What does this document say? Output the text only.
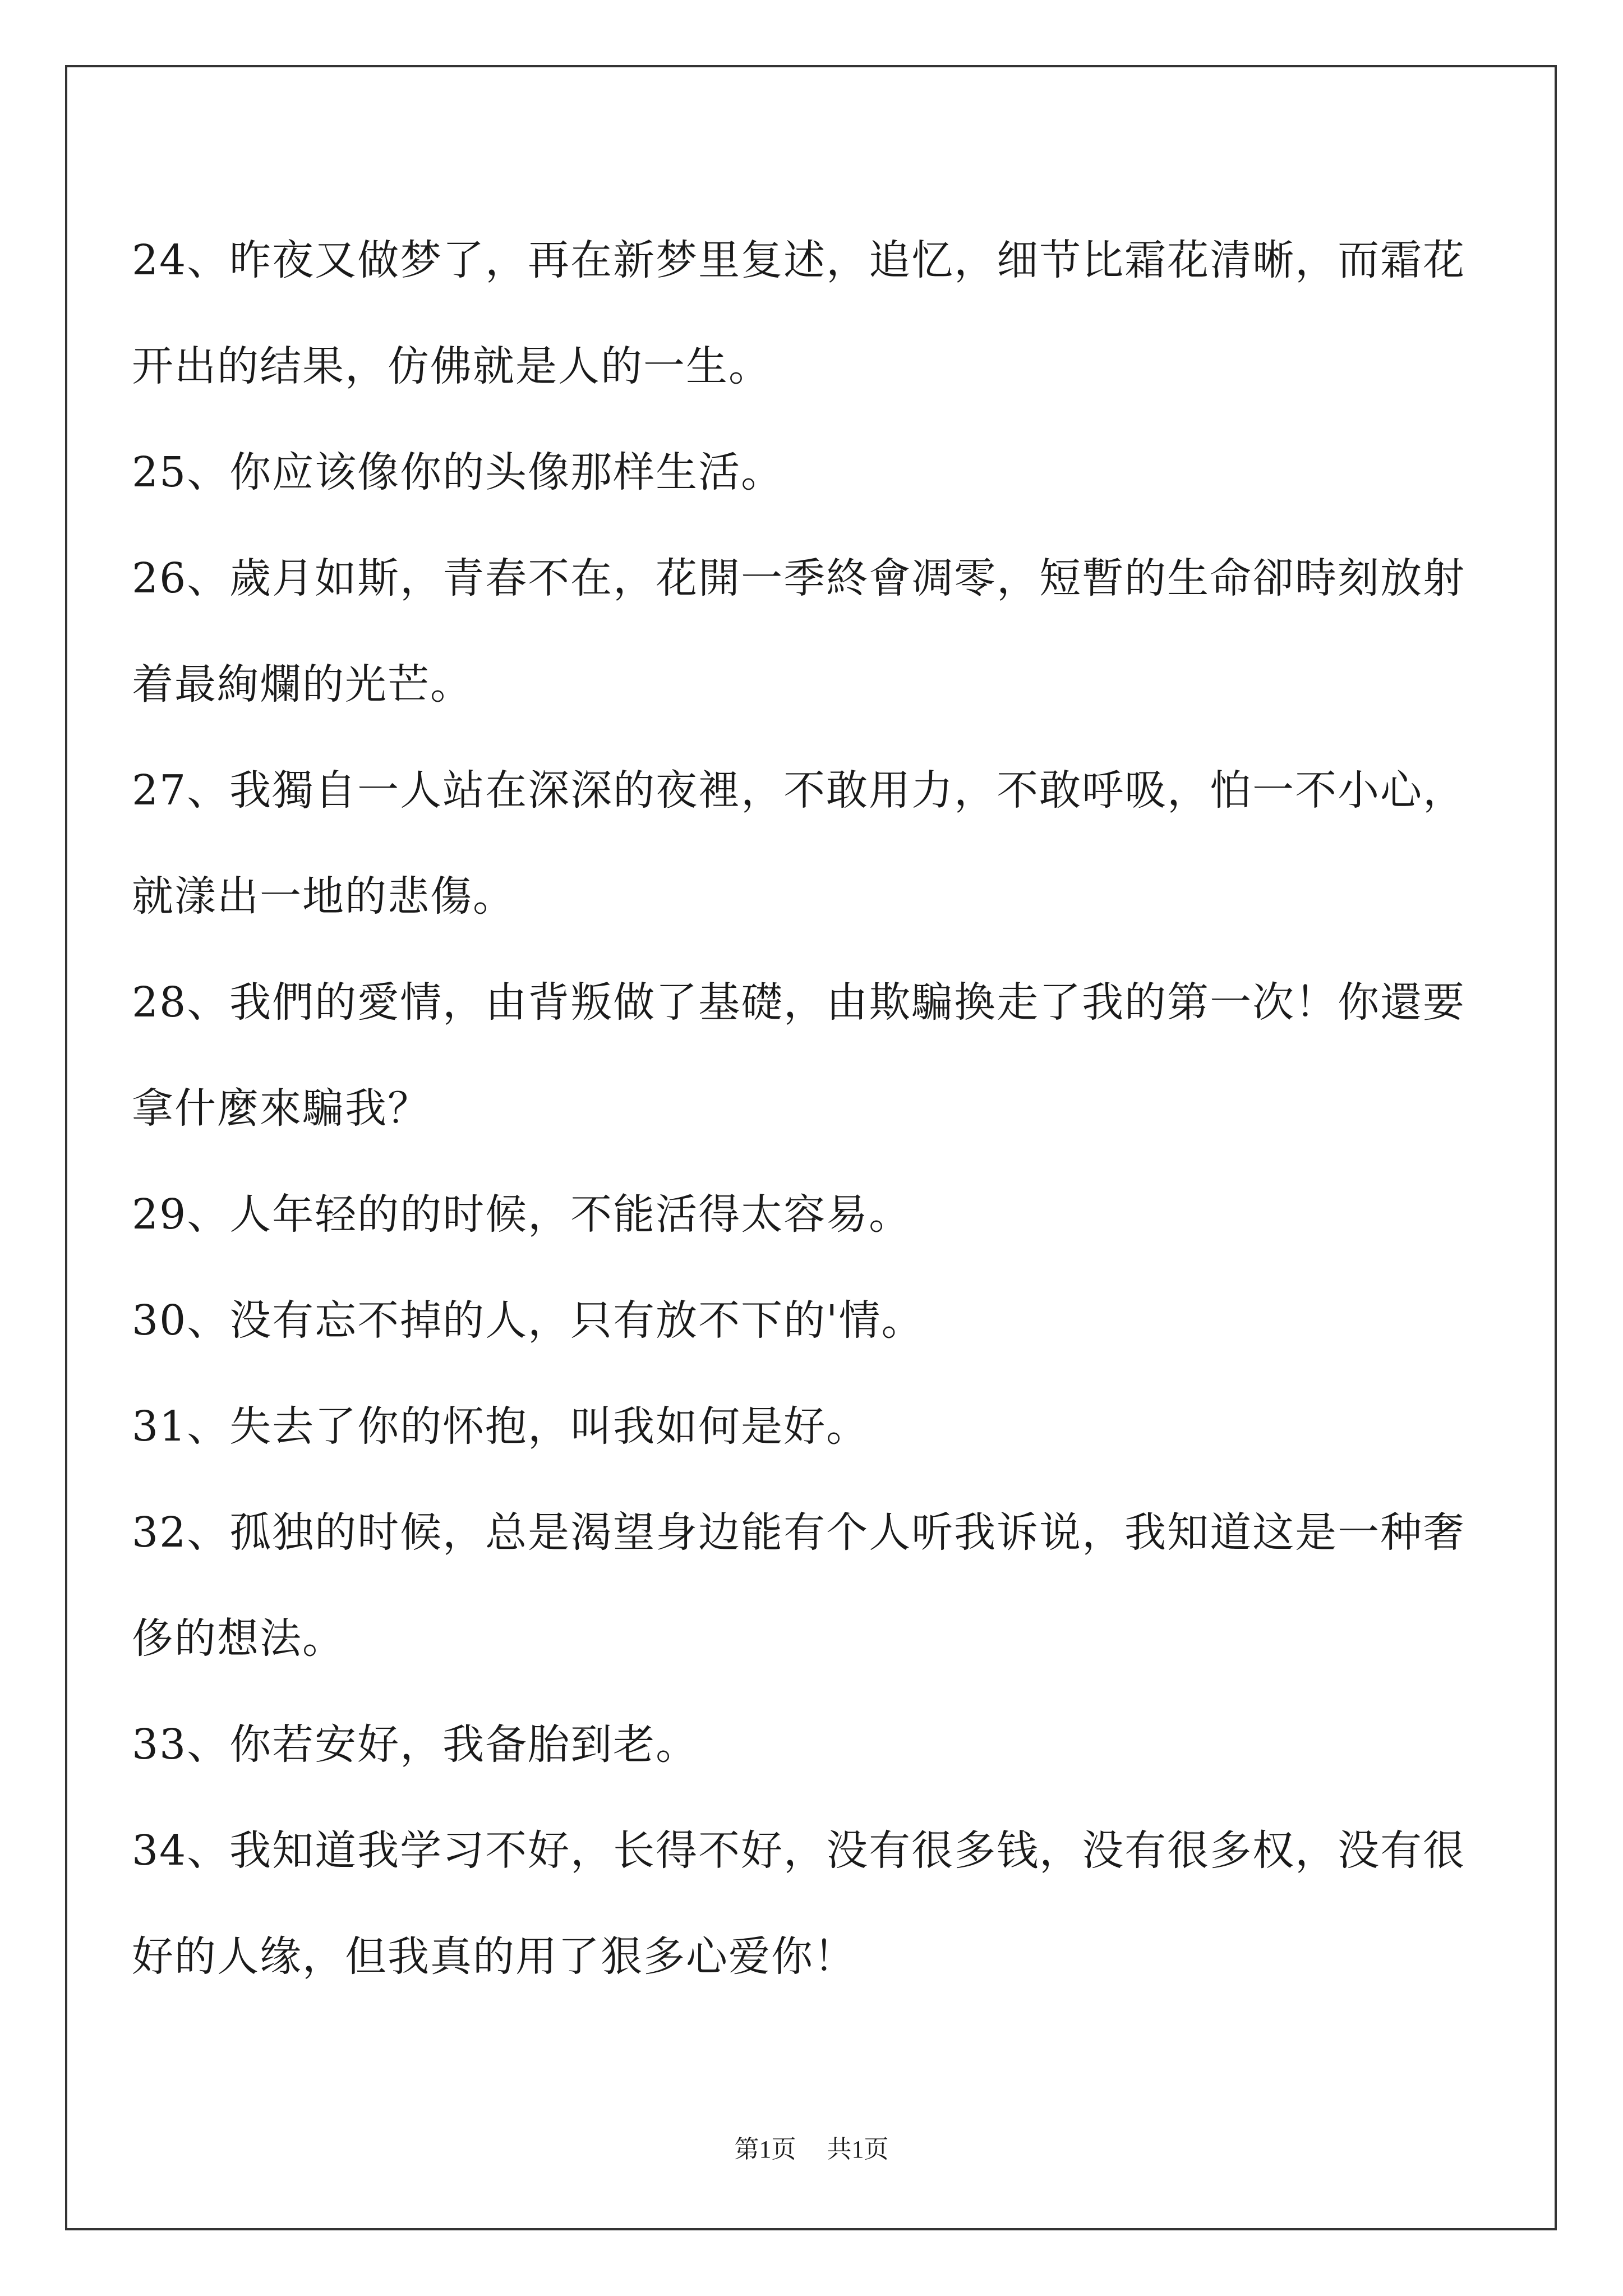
24、昨夜又做梦了，再在新梦里复述，追忆，细节比霜花清晰，而霜花开出的结果，仿佛就是人的一生。

25、你应该像你的头像那样生活。

26、歲月如斯，青春不在，花開一季終會凋零，短暫的生命卻時刻放射着最絢爛的光芒。

27、我獨自一人站在深深的夜裡，不敢用力，不敢呼吸，怕一不小心，就漾出一地的悲傷。

28、我們的愛情，由背叛做了基礎，由欺騙換走了我的第一次！你還要拿什麼來騙我？

29、人年轻的的时候，不能活得太容易。

30、没有忘不掉的人，只有放不下的'情。

31、失去了你的怀抱，叫我如何是好。

32、孤独的时候，总是渴望身边能有个人听我诉说，我知道这是一种奢侈的想法。

33、你若安好，我备胎到老。

34、我知道我学习不好，长得不好，没有很多钱，没有很多权，没有很好的人缘，但我真的用了狠多心爱你！

第1页 共1页
